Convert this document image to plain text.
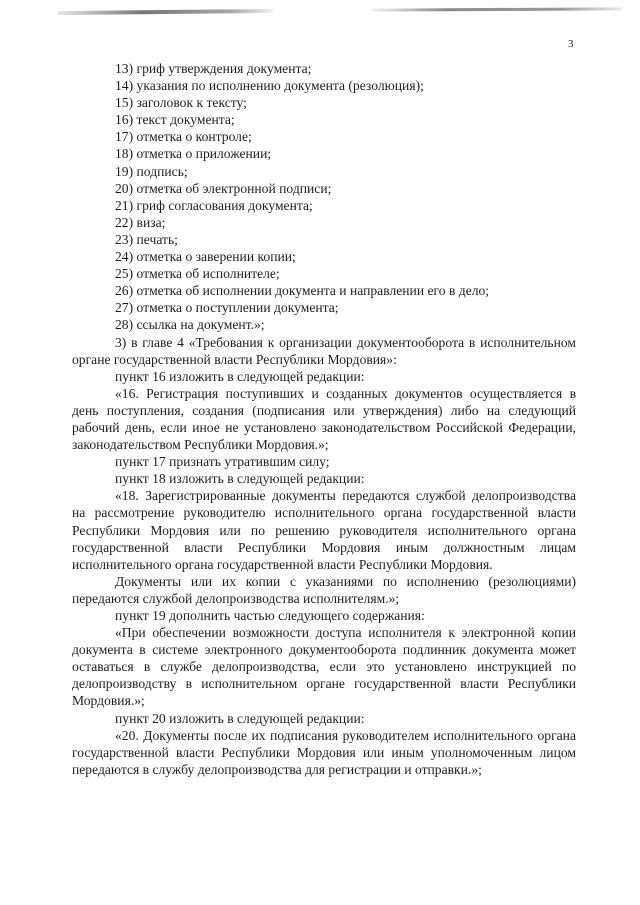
3
13) гриф утверждения документа;
14) указания по исполнению документа (резолюция);
15) заголовок к тексту;
16) текст документа;
17) отметка о контроле;
18) отметка о приложении;
19) подпись;
20) отметка об электронной подписи;
21) гриф согласования документа;
22) виза;
23) печать;
24) отметка о заверении копии;
25) отметка об исполнителе;
26) отметка об исполнении документа и направлении его в дело;
27) отметка о поступлении документа;
28) ссылка на документ.»;

3) в главе 4 «Требования к организации документооборота в исполнительном органе государственной власти Республики Мордовия»:

пункт 16 изложить в следующей редакции:

«16. Регистрация поступивших и созданных документов осуществляется в день поступления, создания (подписания или утверждения) либо на следующий рабочий день, если иное не установлено законодательством Российской Федерации, законодательством Республики Мордовия.»;

пункт 17 признать утратившим силу;
пункт 18 изложить в следующей редакции:

«18. Зарегистрированные документы передаются службой делопроизводства на рассмотрение руководителю исполнительного органа государственной власти Республики Мордовия или по решению руководителя исполнительного органа государственной власти Республики Мордовия иным должностным лицам исполнительного органа государственной власти Республики Мордовия.

Документы или их копии с указаниями по исполнению (резолюциями) передаются службой делопроизводства исполнителям.»;

пункт 19 дополнить частью следующего содержания:

«При обеспечении возможности доступа исполнителя к электронной копии документа в системе электронного документооборота подлинник документа может оставаться в службе делопроизводства, если это установлено инструкцией по делопроизводству в исполнительном органе государственной власти Республики Мордовия.»;

пункт 20 изложить в следующей редакции:

«20. Документы после их подписания руководителем исполнительного органа государственной власти Республики Мордовия или иным уполномоченным лицом передаются в службу делопроизводства для регистрации и отправки.»;
